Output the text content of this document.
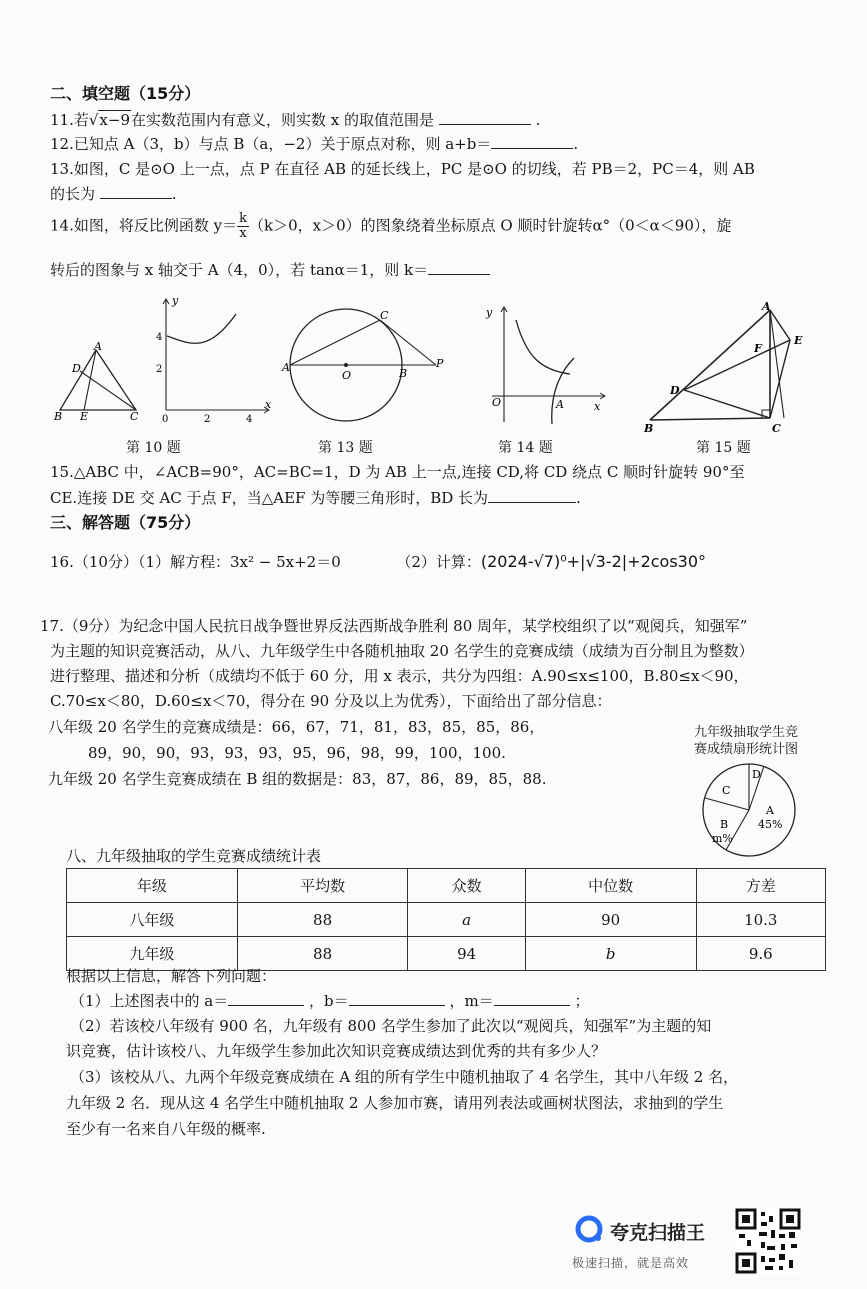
二、填空题（15分）
11.若√x−9在实数范围内有意义，则实数 x 的取值范围是	.
12.已知点 A（3，b）与点 B（a，−2）关于原点对称，则 a+b＝	.
13.如图，C 是⊙O 上一点，点 P 在直径 AB 的延长线上，PC 是⊙O 的切线，若 PB＝2，PC＝4，则 AB
的长为	.
14.如图，将反比例函数 $y= \frac{k}{x} (k>0$，x＞0）的图象绕着坐标原点 O 顺时针旋转α°（0＜α＜90），旋
转后的图象与 x 轴交于 A（4，0），若 tanα＝1，则 k＝
A
D
B E	C
y
x
4
2
0	2	4
A
O	B
C
P
y
x
O	A
A
E
F
D
B	C
第 10 题	第 13 题	第 14 题	第 15 题
15.△ABC 中，∠ACB=90°，AC=BC=1，D 为 AB 上一点,连接 CD,将 CD 绕点 C 顺时针旋转 90°至
CE.连接 DE 交 AC 于点 F，当△AEF 为等腰三角形时，BD 长为	.
三、解答题（75分）
16.（10分）（1）解方程：3x² − 5x+2＝0	（2）计算：(2024-√7)⁰+|√3-2|+2cos30°
17.（9分）为纪念中国人民抗日战争暨世界反法西斯战争胜利 80 周年，某学校组织了以“观阅兵，知强军”
为主题的知识竞赛活动，从八、九年级学生中各随机抽取 20 名学生的竞赛成绩（成绩为百分制且为整数）
进行整理、描述和分析（成绩均不低于 60 分，用 x 表示，共分为四组：A.90≤x≤100，B.80≤x＜90，
C.70≤x＜80，D.60≤x＜70，得分在 90 分及以上为优秀），下面给出了部分信息：
八年级 20 名学生的竞赛成绩是：66，67，71，81，83，85，85，86，
89，90，90，93，93，93，95，96，98，99，100，100.
九年级 20 名学生竞赛成绩在 B 组的数据是：83，87，86，89，85，88.
九年级抽取学生竞
赛成绩扇形统计图
D
C
A
45%
B
m%
八、九年级抽取的学生竞赛成绩统计表
年级	平均数	众数	中位数	方差
八年级	88	a	90	10.3
九年级	88	94	b	9.6
根据以上信息，解答下列问题：
（1）上述图表中的 a＝	，b＝	，m＝	；
（2）若该校八年级有 900 名，九年级有 800 名学生参加了此次以“观阅兵，知强军”为主题的知
识竞赛，估计该校八、九年级学生参加此次知识竞赛成绩达到优秀的共有多少人？
（3）该校从八、九两个年级竞赛成绩在 A 组的所有学生中随机抽取了 4 名学生，其中八年级 2 名，
九年级 2 名．现从这 4 名学生中随机抽取 2 人参加市赛，请用列表法或画树状图法，求抽到的学生
至少有一名来自八年级的概率.
夸克扫描王
极速扫描，就是高效
